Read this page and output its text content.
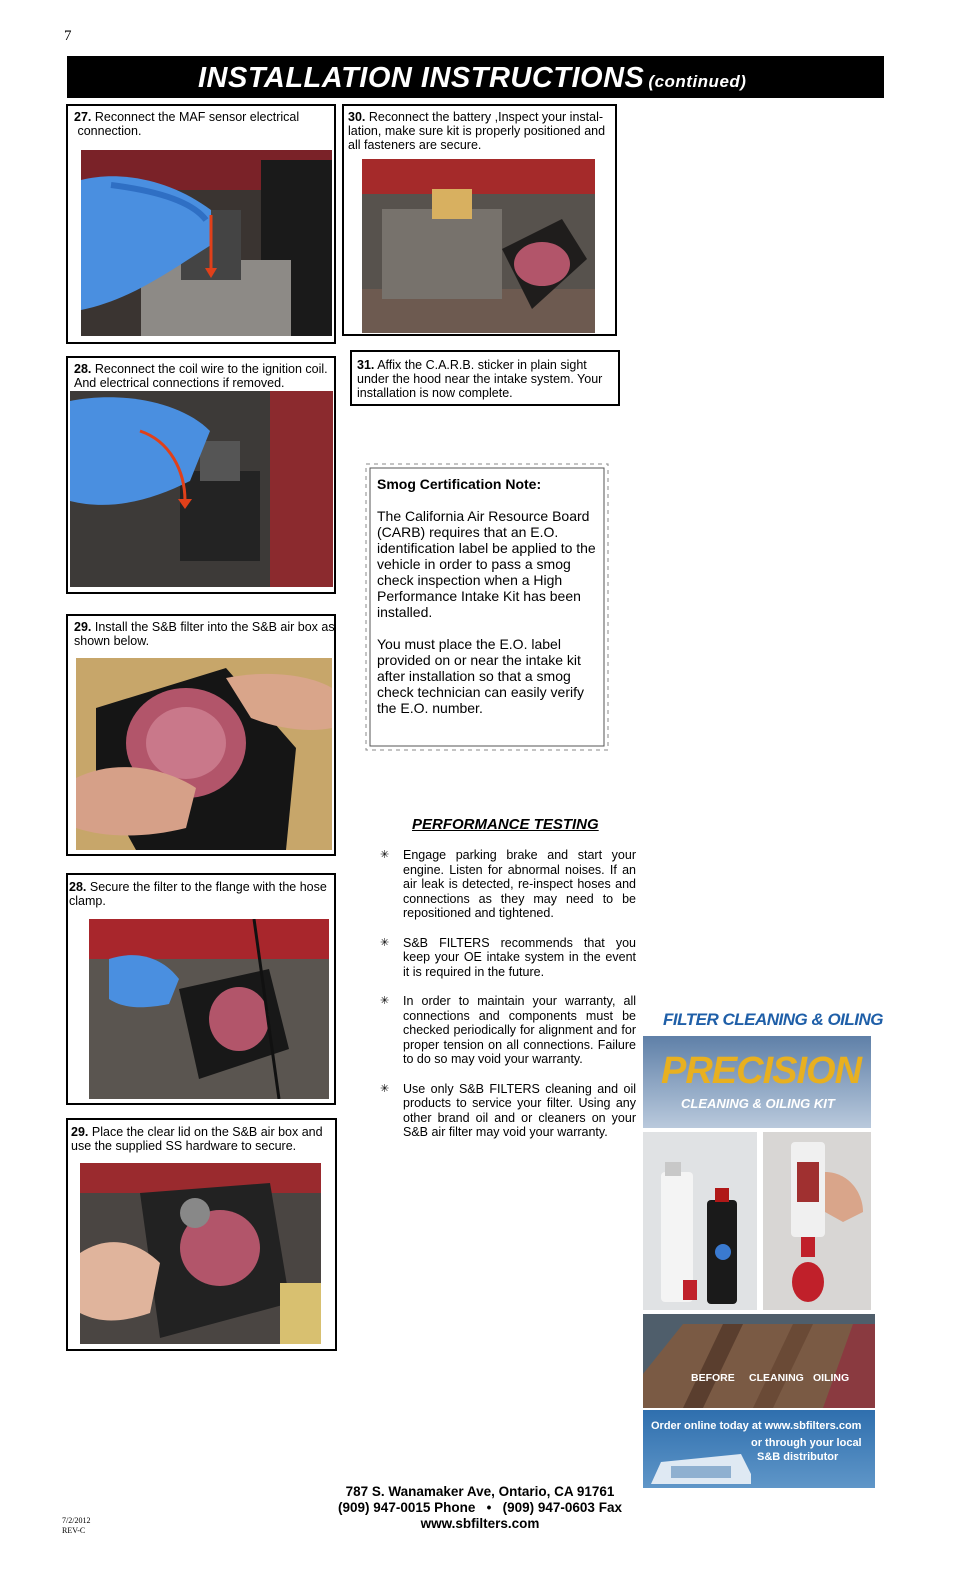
7
INSTALLATION INSTRUCTIONS (continued)
27. Reconnect the MAF sensor electrical
connection.
30. Reconnect the battery ,Inspect your instal-
lation, make sure kit is properly positioned and
all fasteners are secure.
28. Reconnect the coil wire to the ignition coil.
And electrical connections if removed.
31. Affix the C.A.R.B. sticker in plain sight
under the hood near the intake system. Your
installation is now complete.
Smog Certification Note:
The California Air Resource Board (CARB) requires that an E.O. identification label be applied to the vehicle in order to pass a smog check inspection when a High Performance Intake Kit has been installed.
You must place the E.O. label provided on or near the intake kit after installation so that a smog check technician can easily verify the E.O. number.
29. Install the S&B filter into the S&B air box as
shown below.
PERFORMANCE TESTING
✳ Engage parking brake and start your engine. Listen for abnormal noises. If an air leak is detected, re-inspect hoses and connections as they may need to be repositioned and tightened.
✳ S&B FILTERS recommends that you keep your OE intake system in the event it is required in the future.
✳ In order to maintain your warranty, all connections and components must be checked periodically for alignment and for proper tension on all connections. Failure to do so may void your warranty.
✳ Use only S&B FILTERS cleaning and oil products to service your filter. Using any other brand oil and or cleaners on your S&B air filter may void your warranty.
28. Secure the filter to the flange with the hose
clamp.
29. Place the clear lid on the S&B air box and
use the supplied SS hardware to secure.
FILTER CLEANING & OILING
PRECISION
CLEANING & OILING KIT
BEFORE CLEANING OILING
Order online today at www.sbfilters.com
or through your local
S&B distributor
787 S. Wanamaker Ave, Ontario, CA 91761
(909) 947-0015 Phone • (909) 947-0603 Fax
www.sbfilters.com
7/2/2012
REV-C
